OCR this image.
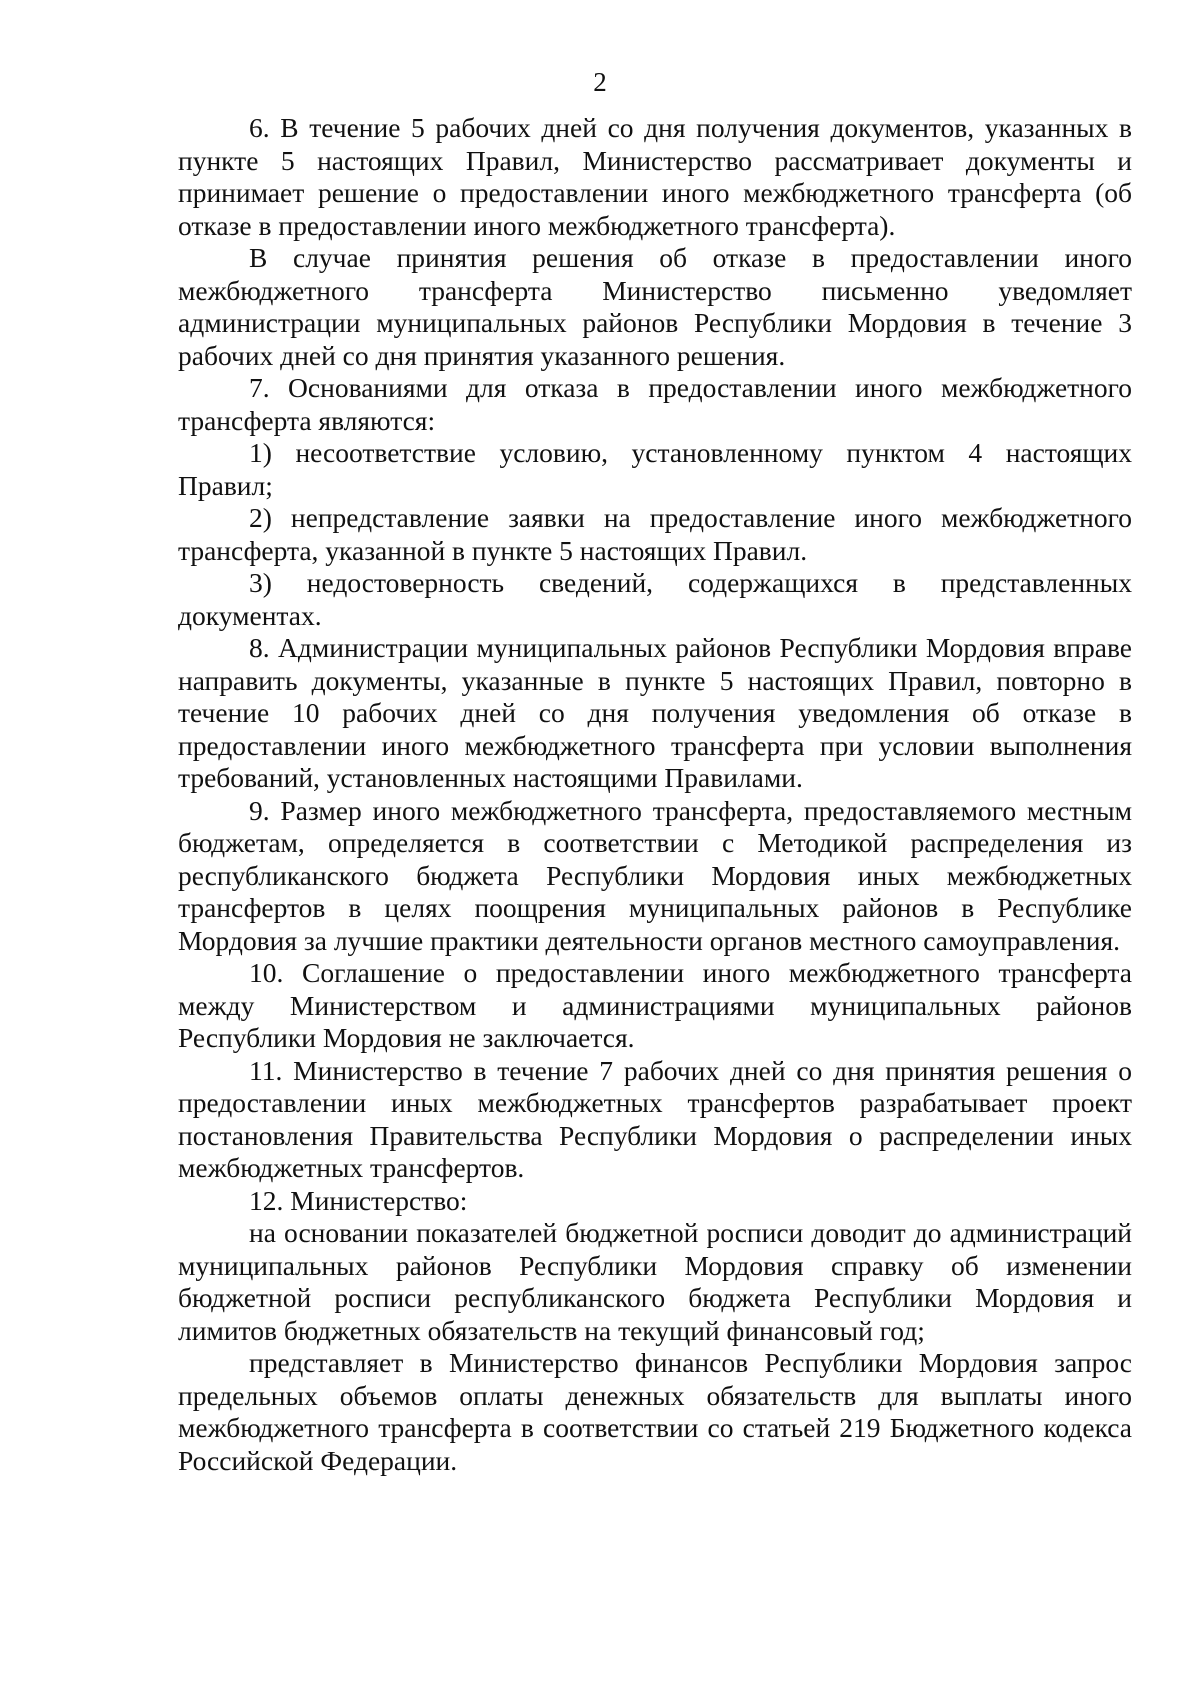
2

6. В течение 5 рабочих дней со дня получения документов, указанных в пункте 5 настоящих Правил, Министерство рассматривает документы и принимает решение о предоставлении иного межбюджетного трансферта (об отказе в предоставлении иного межбюджетного трансферта).

В случае принятия решения об отказе в предоставлении иного межбюджетного трансферта Министерство письменно уведомляет администрации муниципальных районов Республики Мордовия в течение 3 рабочих дней со дня принятия указанного решения.

7. Основаниями для отказа в предоставлении иного межбюджетного трансферта являются:

1) несоответствие условию, установленному пунктом 4 настоящих Правил;

2) непредставление заявки на предоставление иного межбюджетного трансферта, указанной в пункте 5 настоящих Правил.

3) недостоверность сведений, содержащихся в представленных документах.

8. Администрации муниципальных районов Республики Мордовия вправе направить документы, указанные в пункте 5 настоящих Правил, повторно в течение 10 рабочих дней со дня получения уведомления об отказе в предоставлении иного межбюджетного трансферта при условии выполнения требований, установленных настоящими Правилами.

9. Размер иного межбюджетного трансферта, предоставляемого местным бюджетам, определяется в соответствии с Методикой распределения из республиканского бюджета Республики Мордовия иных межбюджетных трансфертов в целях поощрения муниципальных районов в Республике Мордовия за лучшие практики деятельности органов местного самоуправления.

10. Соглашение о предоставлении иного межбюджетного трансферта между Министерством и администрациями муниципальных районов Республики Мордовия не заключается.

11. Министерство в течение 7 рабочих дней со дня принятия решения о предоставлении иных межбюджетных трансфертов разрабатывает проект постановления Правительства Республики Мордовия о распределении иных межбюджетных трансфертов.

12. Министерство:

на основании показателей бюджетной росписи доводит до администраций муниципальных районов Республики Мордовия справку об изменении бюджетной росписи республиканского бюджета Республики Мордовия и лимитов бюджетных обязательств на текущий финансовый год;

представляет в Министерство финансов Республики Мордовия запрос предельных объемов оплаты денежных обязательств для выплаты иного межбюджетного трансферта в соответствии со статьей 219 Бюджетного кодекса Российской Федерации.
